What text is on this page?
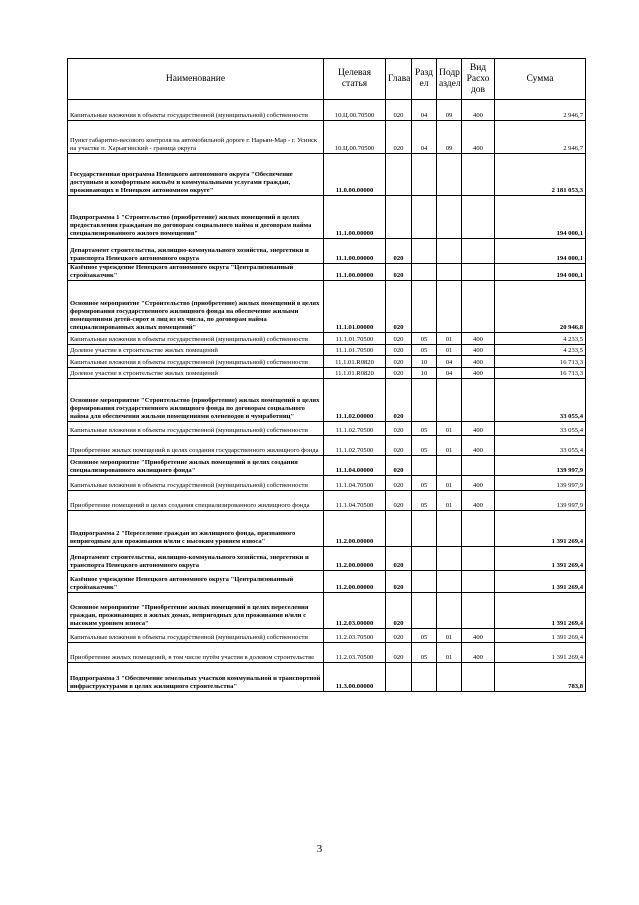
Наименование	Целевая статья	Глава	Разд ел	Подр аздел	Вид Расхо дов	Сумма
Капитальные вложения в объекты государственной (муниципальной) собственности	10.Ц.00.70500	020	04	09	400	2 946,7
Пункт габаритно-весового контроля на автомобильной дороге г. Нарьян-Мар - г. Усинск на участке п. Харьягинский - граница округа	10.Ц.00.70500	020	04	09	400	2 946,7
Государственная программа Ненецкого автономного округа "Обеспечение доступным и комфортным жильём и коммунальными услугами граждан, проживающих в Ненецком автономном округе"	11.0.00.00000					2 181 053,3
Подпрограмма 1 "Строительство (приобретение) жилых помещений в целях предоставления гражданам по договорам социального найма и договорам найма специализированного жилого помещения"	11.1.00.00000					194 000,1
Департамент строительства, жилищно-коммунального хозяйства, энергетики и транспорта Ненецкого автономного округа	11.1.00.00000	020				194 000,1
Казённое учреждение Ненецкого автономного округа "Централизованный стройзаказчик"	11.1.00.00000	020				194 000,1
Основное мероприятие "Строительство (приобретение) жилых помещений в целях формирования государственного жилищного фонда на обеспечение жилыми помещениями детей-сирот и лиц из их числа, по договорам найма специализированных жилых помещений"	11.1.01.00000	020				20 946,8
Капитальные вложения в объекты государственной (муниципальной) собственности	11.1.01.70500	020	05	01	400	4 233,5
Долевое участие в строительстве жилых помещений	11.1.01.70500	020	05	01	400	4 233,5
Капитальные вложения в объекты государственной (муниципальной) собственности	11.1.01.R0820	020	10	04	400	16 713,3
Долевое участие в строительстве жилых помещений	11.1.01.R0820	020	10	04	400	16 713,3
Основное мероприятие "Строительство (приобретение) жилых помещений в целях формирования государственного жилищного фонда по договорам социального найма для обеспечения жильми помещениями оленеводов и чумработниц"	11.1.02.00000	020				33 055,4
Капитальные вложения в объекты государственной (муниципальной) собственности	11.1.02.70500	020	05	01	400	33 055,4
Приобретение жилых помещений в целях создания государственного жилищного фонда	11.1.02.70500	020	05	01	400	33 055,4
Основное мероприятие "Приобретение жилых помещений в целях создания специализированного жилищного фонда"	11.1.04.00000	020				139 997,9
Капитальные вложения в объекты государственной (муниципальной) собственности	11.1.04.70500	020	05	01	400	139 997,9
Приобретение помещений в целях создания специализированного жилищного фонда	11.1.04.70500	020	05	01	400	139 997,9
Подпрограмма 2 "Переселение граждан из жилищного фонда, признанного непригодным для проживания и/или с высоким уровнем износа"	11.2.00.00000					1 391 269,4
Департамент строительства, жилищно-коммунального хозяйства, энергетики и транспорта Ненецкого автономного округа	11.2.00.00000	020				1 391 269,4
Казённое учреждение Ненецкого автономного округа "Централизованный стройзаказчик"	11.2.00.00000	020				1 391 269,4
Основное мероприятие "Приобретение жилых помещений в целях переселения граждан, проживающих в жилых домах, непригодных для проживания и/или с высоким уровнем износа"	11.2.03.00000	020				1 391 269,4
Капитальные вложения в объекты государственной (муниципальной) собственности	11.2.03.70500	020	05	01	400	1 391 269,4
Приобретение жилых помещений, в том числе путём участия в долевом строительстве	11.2.03.70500	020	05	01	400	1 391 269,4
Подпрограмма 3 "Обеспечение земельных участков коммунальной и транспортной инфраструктурами в целях жилищного строительства"	11.3.00.00000					783,8
3
